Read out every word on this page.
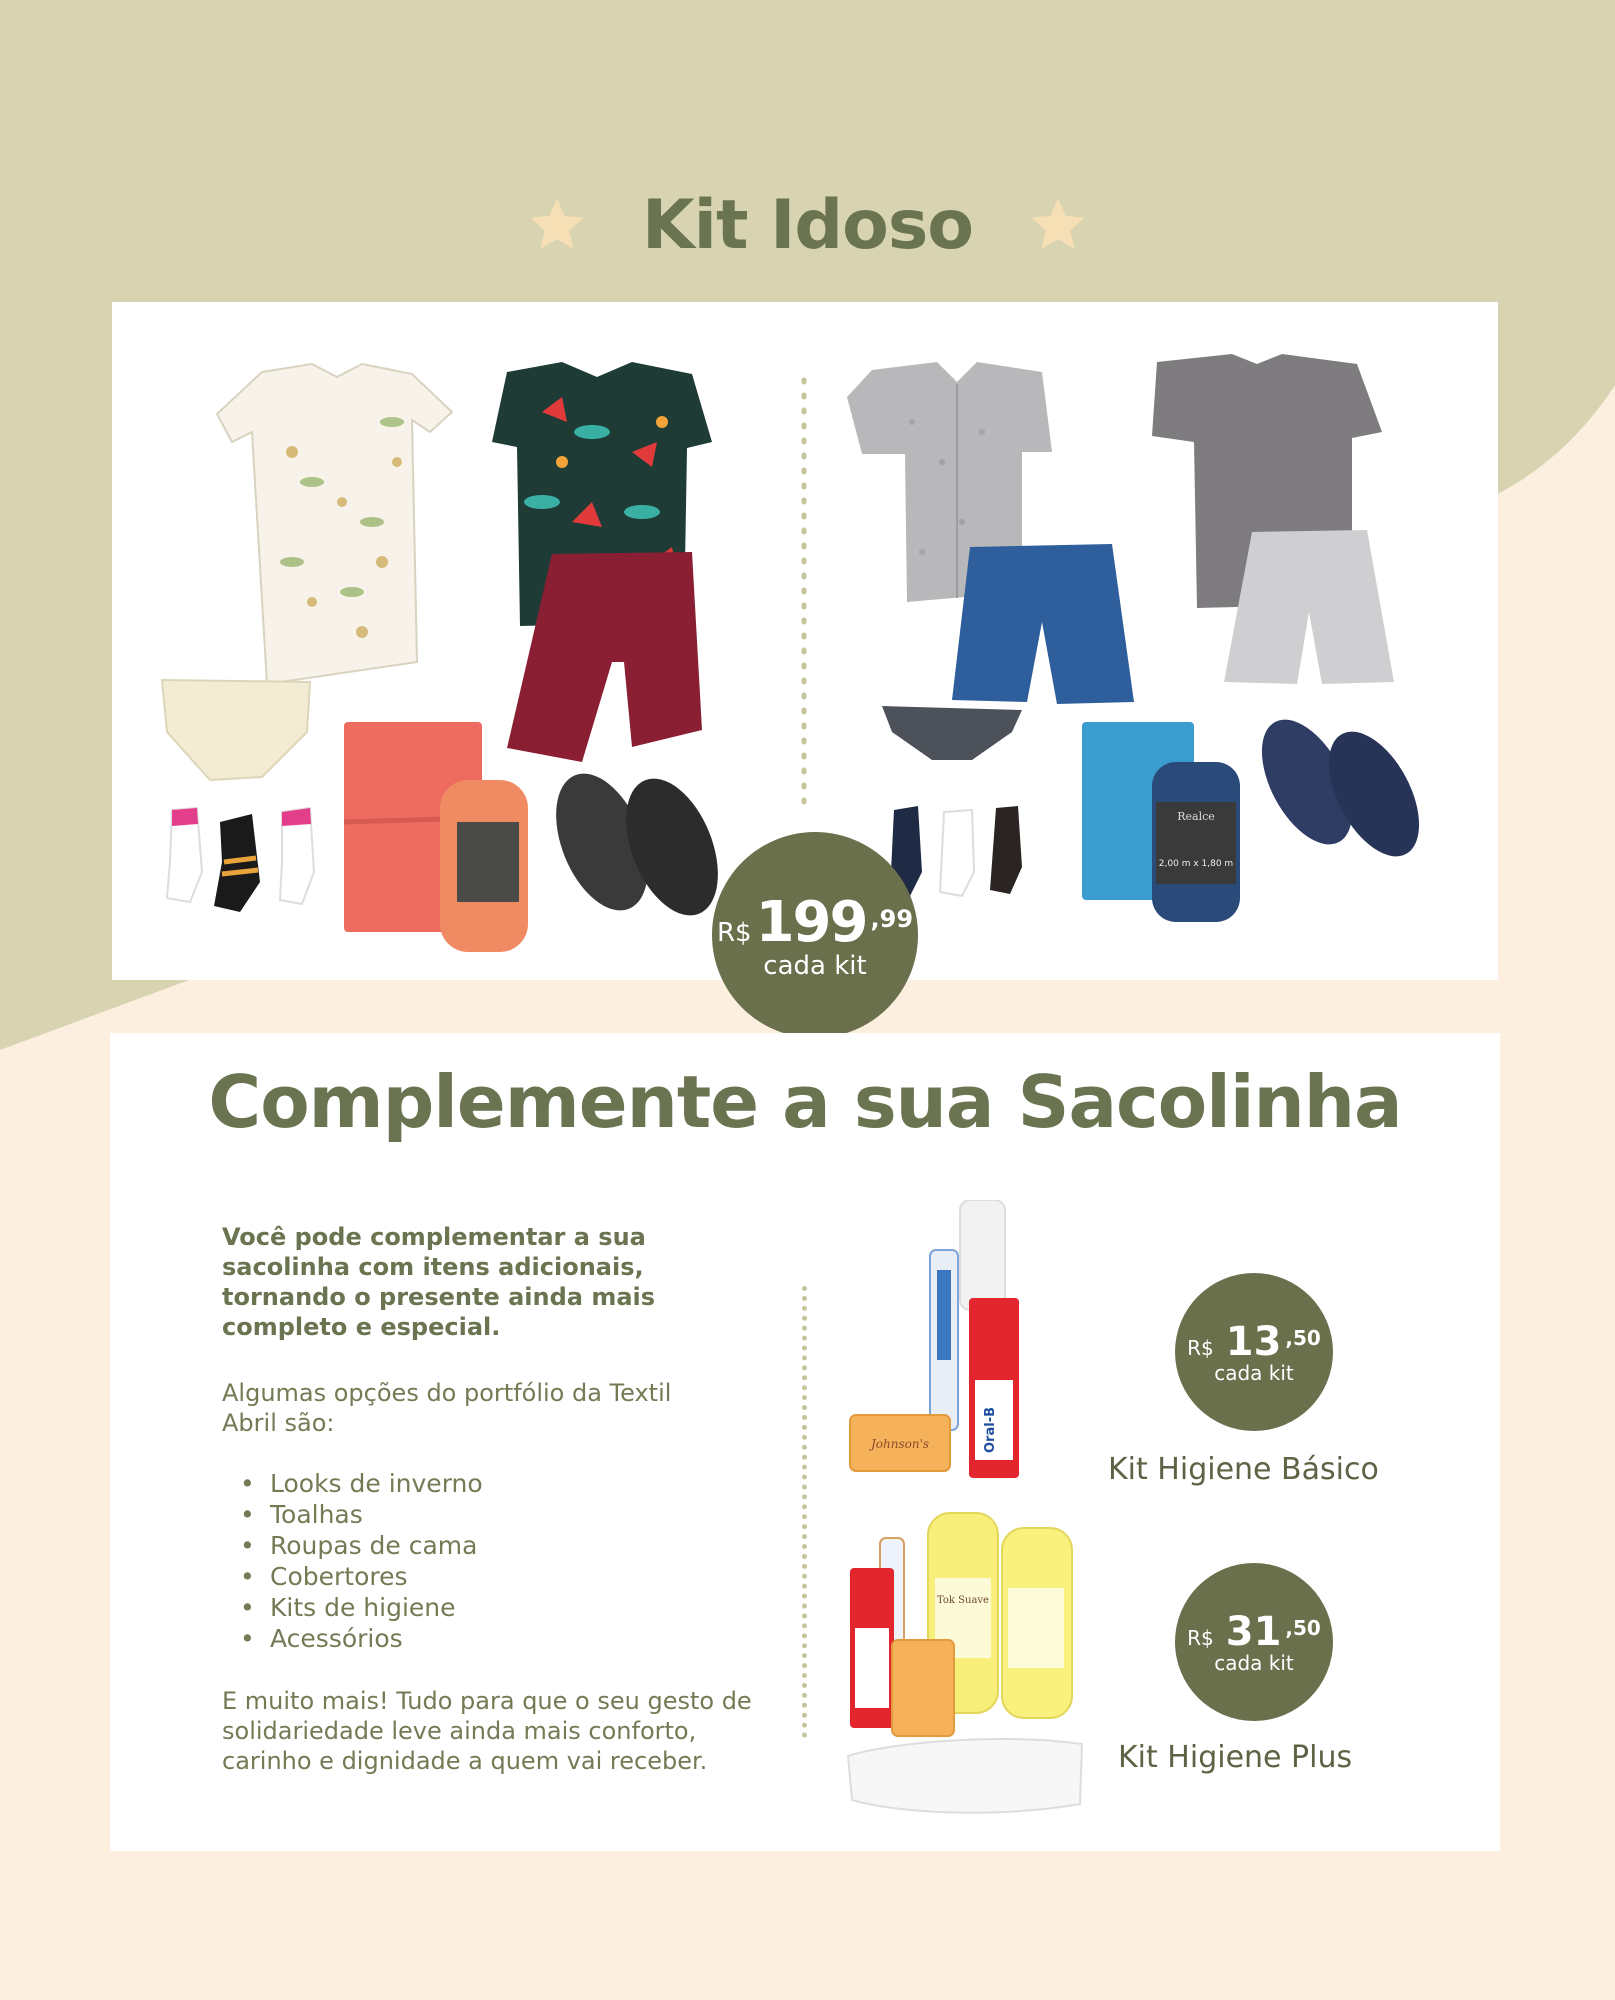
Kit Idoso
Realce
2,00 m x 1,80 m
R$ 199 ,99
cada kit
Complemente a sua Sacolinha
Você pode complementar a sua sacolinha com itens adicionais, tornando o presente ainda mais completo e especial.
Algumas opções do portfólio da Textil Abril são:
• Looks de inverno
• Toalhas
• Roupas de cama
• Cobertores
• Kits de higiene
• Acessórios
E muito mais! Tudo para que o seu gesto de solidariedade leve ainda mais conforto, carinho e dignidade a quem vai receber.
Oral-B
Johnson's
Tok Suave
R$ 13 ,50
cada kit
Kit Higiene Básico
R$ 31 ,50
cada kit
Kit Higiene Plus
